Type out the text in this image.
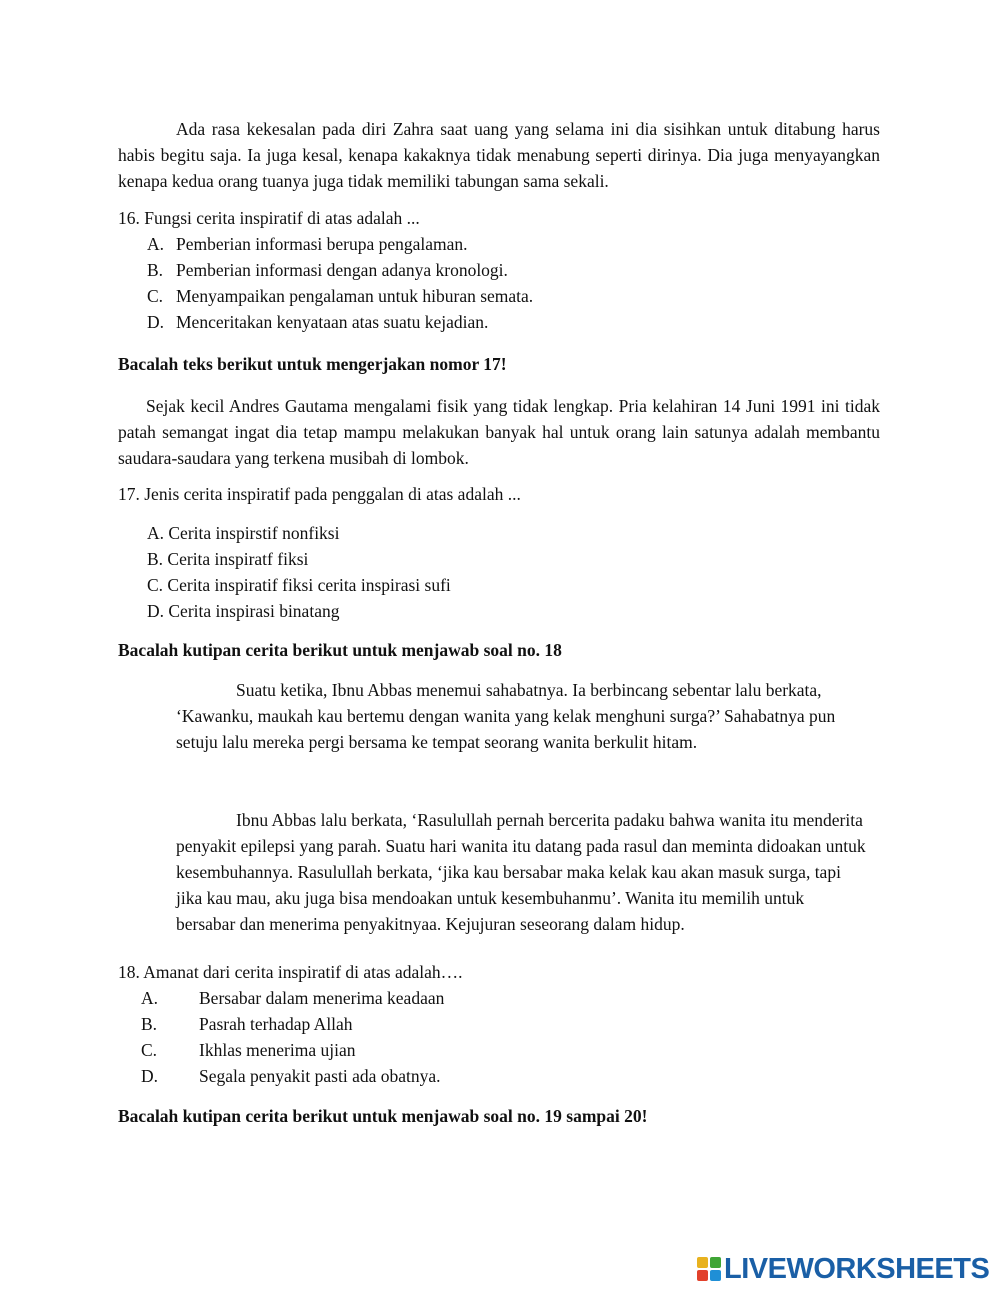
Ada rasa kekesalan pada diri Zahra saat uang yang selama ini dia sisihkan untuk ditabung harus habis begitu saja. Ia juga kesal, kenapa kakaknya tidak menabung seperti dirinya. Dia juga menyayangkan kenapa kedua orang tuanya juga tidak memiliki tabungan sama sekali.
16. Fungsi cerita inspiratif di atas adalah ...
A. Pemberian informasi berupa pengalaman.
B. Pemberian informasi dengan adanya kronologi.
C. Menyampaikan pengalaman untuk hiburan semata.
D. Menceritakan kenyataan atas suatu kejadian.
Bacalah teks berikut untuk mengerjakan nomor 17!
Sejak kecil Andres Gautama mengalami fisik yang tidak lengkap. Pria kelahiran 14 Juni 1991 ini tidak patah semangat ingat dia tetap mampu melakukan banyak hal untuk orang lain satunya adalah membantu saudara-saudara yang terkena musibah di lombok.
17. Jenis cerita inspiratif pada penggalan di atas adalah ...
A. Cerita inspirstif nonfiksi
B. Cerita inspiratf fiksi
C. Cerita inspiratif fiksi cerita inspirasi sufi
D. Cerita inspirasi binatang
Bacalah kutipan cerita berikut untuk menjawab soal no. 18
Suatu ketika, Ibnu Abbas menemui sahabatnya. Ia berbincang sebentar lalu berkata, ‘Kawanku, maukah kau bertemu dengan wanita yang kelak menghuni surga?’ Sahabatnya pun setuju lalu mereka pergi bersama ke tempat seorang wanita berkulit hitam.
Ibnu Abbas lalu berkata, ‘Rasulullah pernah bercerita padaku bahwa wanita itu menderita penyakit epilepsi yang parah. Suatu hari wanita itu datang pada rasul dan meminta didoakan untuk kesembuhannya. Rasulullah berkata, ‘jika kau bersabar maka kelak kau akan masuk surga, tapi jika kau mau, aku juga bisa mendoakan untuk kesembuhanmu’. Wanita itu memilih untuk bersabar dan menerima penyakitnyaa. Kejujuran seseorang dalam hidup.
18. Amanat dari cerita inspiratif di atas adalah….
A. Bersabar dalam menerima keadaan
B. Pasrah terhadap Allah
C. Ikhlas menerima ujian
D. Segala penyakit pasti ada obatnya.
Bacalah kutipan cerita berikut untuk menjawab soal no. 19 sampai 20!
LIVEWORKSHEETS
